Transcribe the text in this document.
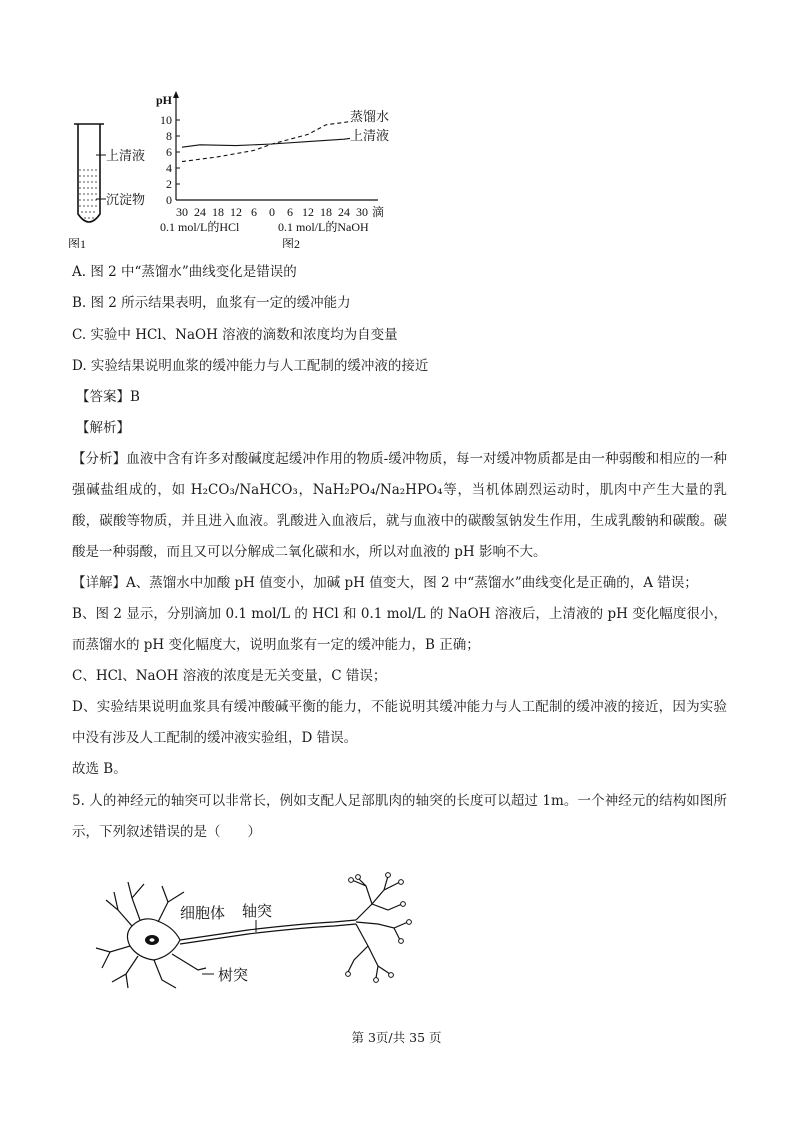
上清液
沉淀物
图1
pH
10
8
6
4
2
0
30 24 18 12 6 0 6 12 18 24 30
蒸馏水
上清液
滴
0.1 mol/L的HCl	0.1 mol/L的NaOH
图2
A. 图 2 中“蒸馏水”曲线变化是错误的
B. 图 2 所示结果表明，血浆有一定的缓冲能力
C. 实验中 HCl、NaOH 溶液的滴数和浓度均为自变量
D. 实验结果说明血浆的缓冲能力与人工配制的缓冲液的接近
【答案】B
【解析】
【分析】血液中含有许多对酸碱度起缓冲作用的物质-缓冲物质，每一对缓冲物质都是由一种弱酸和相应的一种强碱盐组成的，如 H₂CO₃/NaHCO₃，NaH₂PO₄/Na₂HPO₄等，当机体剧烈运动时，肌肉中产生大量的乳酸，碳酸等物质，并且进入血液。乳酸进入血液后，就与血液中的碳酸氢钠发生作用，生成乳酸钠和碳酸。碳酸是一种弱酸，而且又可以分解成二氧化碳和水，所以对血液的 pH 影响不大。
【详解】A、蒸馏水中加酸 pH 值变小，加碱 pH 值变大，图 2 中“蒸馏水”曲线变化是正确的，A 错误；
B、图 2 显示，分别滴加 0.1 mol/L 的 HCl 和 0.1 mol/L 的 NaOH 溶液后，上清液的 pH 变化幅度很小，而蒸馏水的 pH 变化幅度大，说明血浆有一定的缓冲能力，B 正确；
C、HCl、NaOH 溶液的浓度是无关变量，C 错误；
D、实验结果说明血浆具有缓冲酸碱平衡的能力，不能说明其缓冲能力与人工配制的缓冲液的接近，因为实验中没有涉及人工配制的缓冲液实验组，D 错误。
故选 B。
5. 人的神经元的轴突可以非常长，例如支配人足部肌肉的轴突的长度可以超过 1m。一个神经元的结构如图所示，下列叙述错误的是（　　）
细胞体 轴突
树突
第 3页/共 35 页
